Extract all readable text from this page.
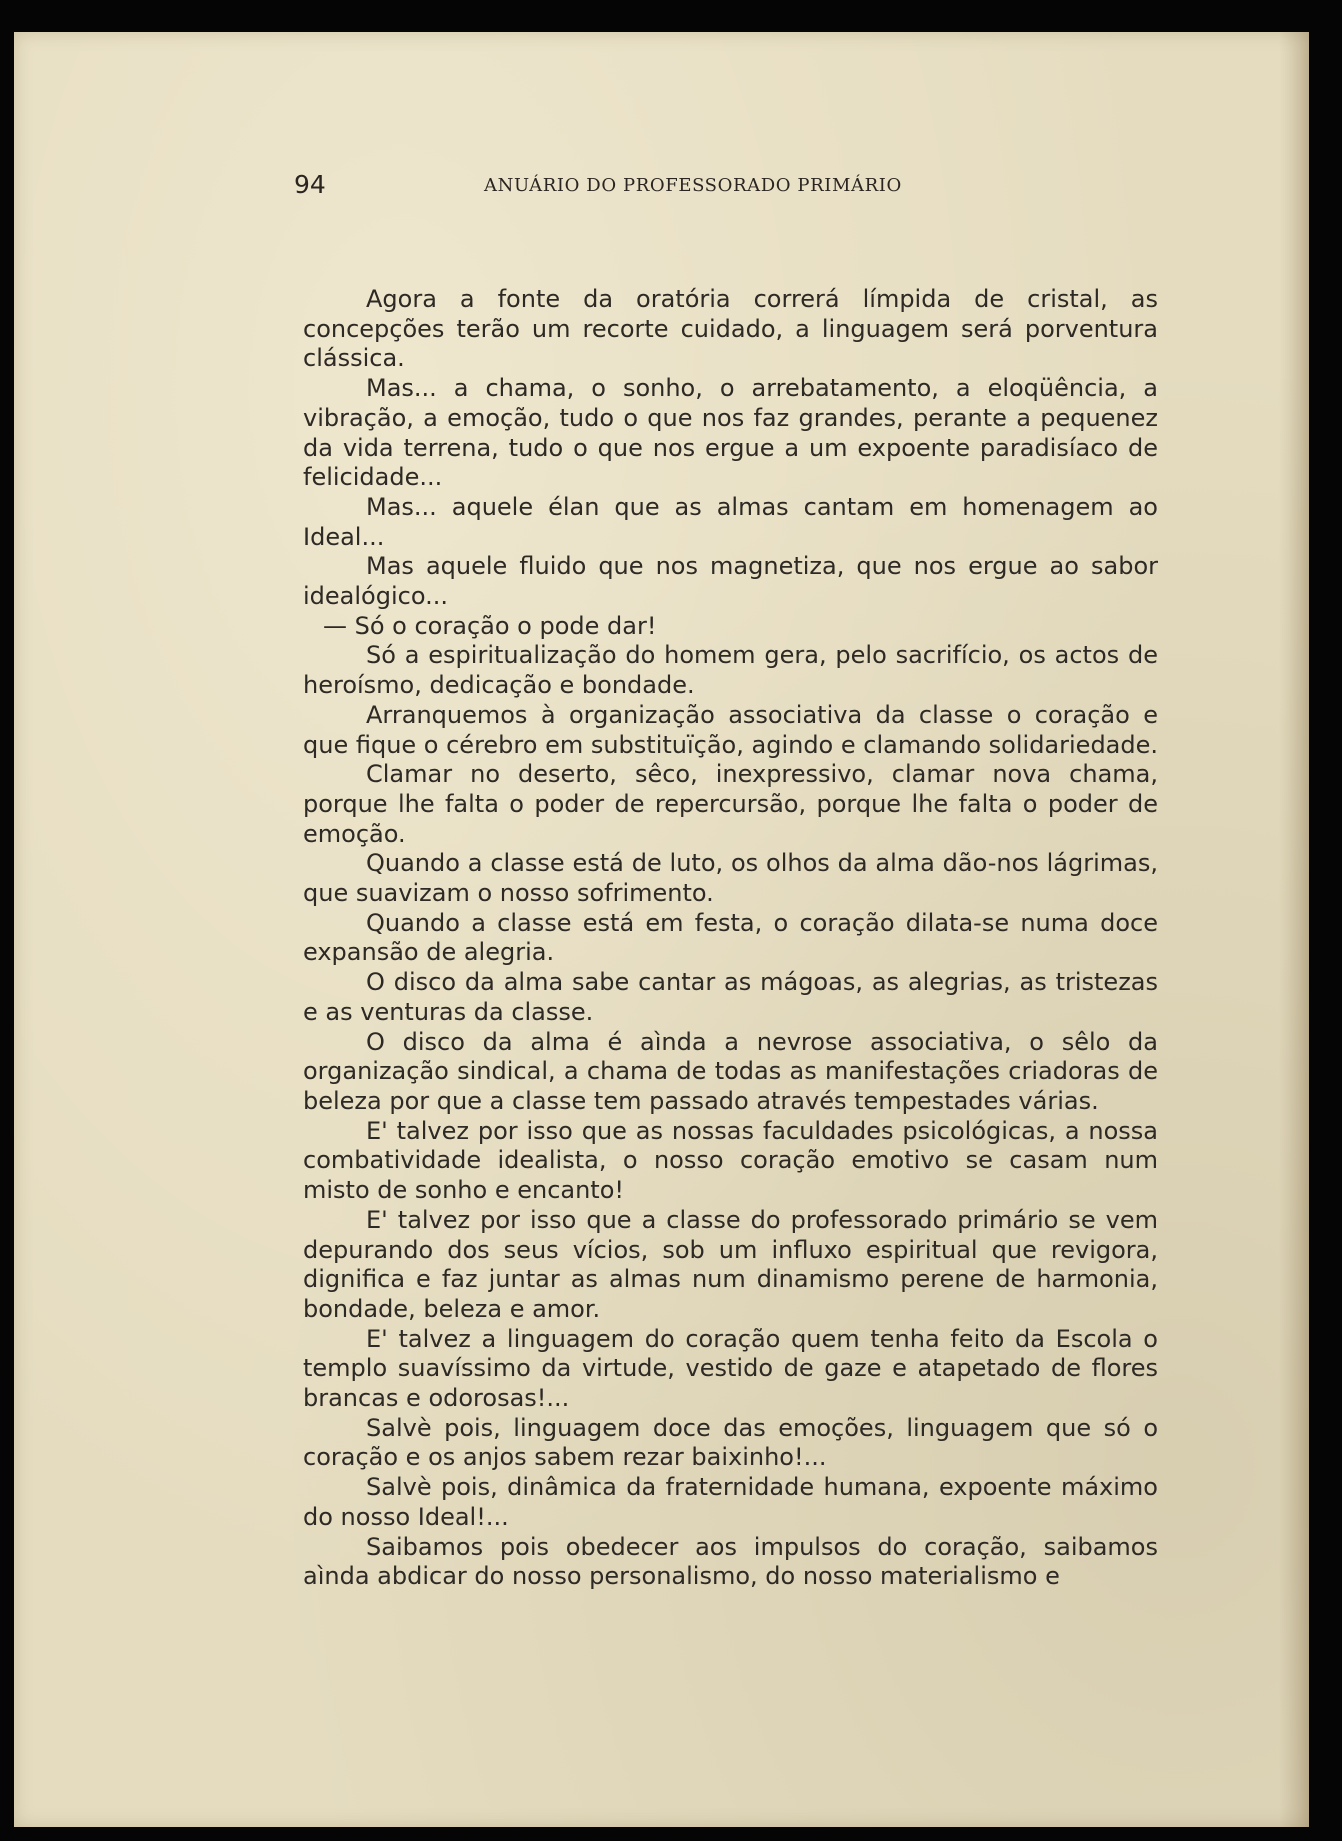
94	ANUÁRIO DO PROFESSORADO PRIMÁRIO

Agora a fonte da oratória correrá límpida de cristal, as concepções terão um recorte cuidado, a linguagem será porventura clássica.

Mas... a chama, o sonho, o arrebatamento, a eloqüência, a vibração, a emoção, tudo o que nos faz grandes, perante a pequenez da vida terrena, tudo o que nos ergue a um expoente paradisíaco de felicidade...

Mas... aquele élan que as almas cantam em homenagem ao Ideal...

Mas aquele fluido que nos magnetiza, que nos ergue ao sabor idealógico...

— Só o coração o pode dar!

Só a espiritualização do homem gera, pelo sacrifício, os actos de heroísmo, dedicação e bondade.

Arranquemos à organização associativa da classe o coração e que fique o cérebro em substituïção, agindo e clamando solidariedade.

Clamar no deserto, sêco, inexpressivo, clamar nova chama, porque lhe falta o poder de repercursão, porque lhe falta o poder de emoção.

Quando a classe está de luto, os olhos da alma dão-nos lágrimas, que suavizam o nosso sofrimento.

Quando a classe está em festa, o coração dilata-se numa doce expansão de alegria.

O disco da alma sabe cantar as mágoas, as alegrias, as tristezas e as venturas da classe.

O disco da alma é aìnda a nevrose associativa, o sêlo da organização sindical, a chama de todas as manifestações criadoras de beleza por que a classe tem passado através tempestades várias.

E' talvez por isso que as nossas faculdades psicológicas, a nossa combatividade idealista, o nosso coração emotivo se casam num misto de sonho e encanto!

E' talvez por isso que a classe do professorado primário se vem depurando dos seus vícios, sob um influxo espiritual que revigora, dignifica e faz juntar as almas num dinamismo perene de harmonia, bondade, beleza e amor.

E' talvez a linguagem do coração quem tenha feito da Escola o templo suavíssimo da virtude, vestido de gaze e atapetado de flores brancas e odorosas!...

Salvè pois, linguagem doce das emoções, linguagem que só o coração e os anjos sabem rezar baixinho!...

Salvè pois, dinâmica da fraternidade humana, expoente máximo do nosso Ideal!...

Saibamos pois obedecer aos impulsos do coração, saibamos aìnda abdicar do nosso personalismo, do nosso materialismo e
